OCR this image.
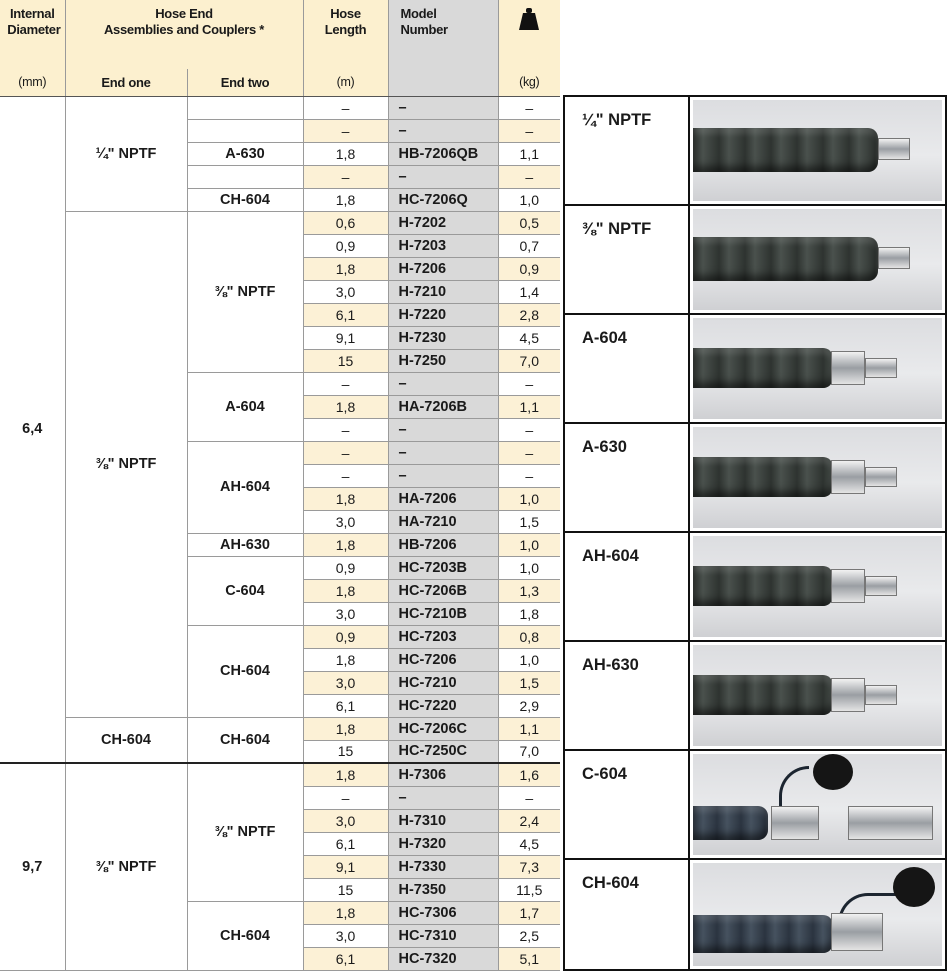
Internal Diameter	Hose End
Assemblies and Couplers *		Hose Length	Model Number

(mm)	End one	End two	(m)		(kg)
6,4	¼" NPTF		–	–	–
			–	–	–
		A-630	1,8	HB-7206QB	1,1
			–	–	–
		CH-604	1,8	HC-7206Q	1,0
	⅜" NPTF	⅜" NPTF	0,6	H-7202	0,5
			0,9	H-7203	0,7
			1,8	H-7206	0,9
			3,0	H-7210	1,4
			6,1	H-7220	2,8
			9,1	H-7230	4,5
			15	H-7250	7,0
		A-604	–	–	–
			1,8	HA-7206B	1,1
			–	–	–
		AH-604	–	–	–
			–	–	–
			1,8	HA-7206	1,0
			3,0	HA-7210	1,5
		AH-630	1,8	HB-7206	1,0
		C-604	0,9	HC-7203B	1,0
			1,8	HC-7206B	1,3
			3,0	HC-7210B	1,8
		CH-604	0,9	HC-7203	0,8
			1,8	HC-7206	1,0
			3,0	HC-7210	1,5
			6,1	HC-7220	2,9
	CH-604	CH-604	1,8	HC-7206C	1,1
			15	HC-7250C	7,0
9,7	⅜" NPTF	⅜" NPTF	1,8	H-7306	1,6
			–	–	–
			3,0	H-7310	2,4
			6,1	H-7320	4,5
			9,1	H-7330	7,3
			15	H-7350	11,5
		CH-604	1,8	HC-7306	1,7
			3,0	HC-7310	2,5
			6,1	HC-7320	5,1
¼" NPTF
⅜" NPTF
A-604
A-630
AH-604
AH-630
C-604
CH-604
